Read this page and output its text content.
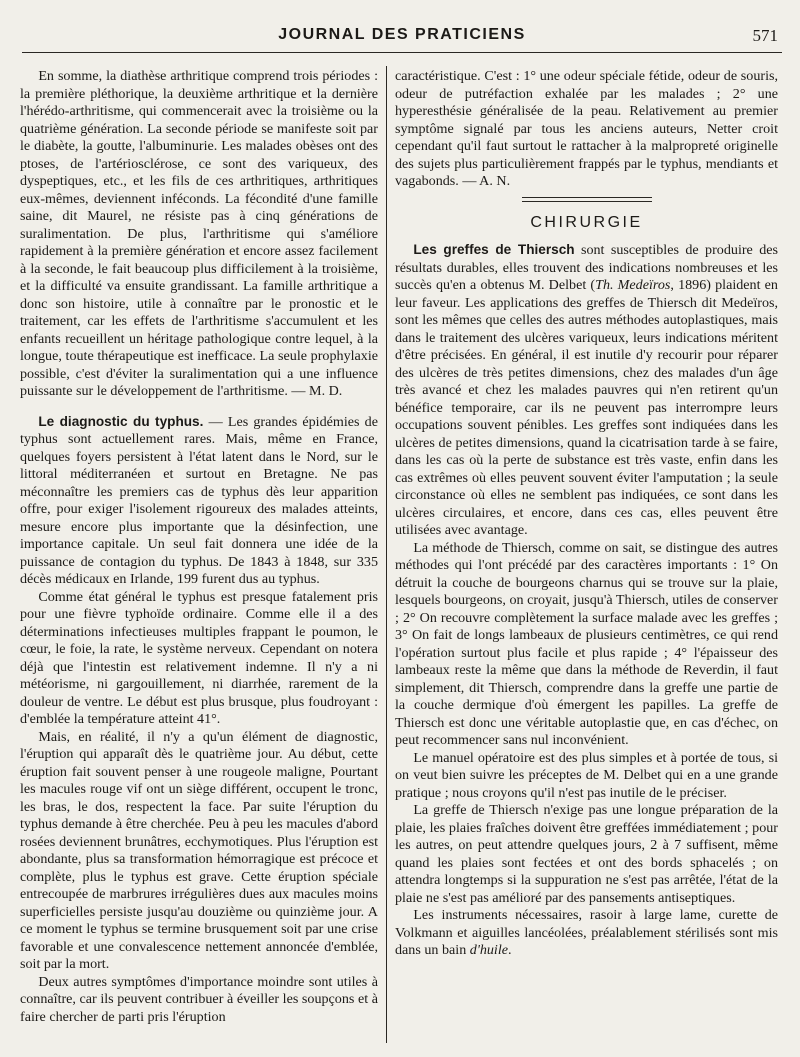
JOURNAL DES PRATICIENS	571

En somme, la diathèse arthritique comprend trois périodes : la première pléthorique, la deuxième arthritique et la dernière l'hérédo-arthritisme, qui commencerait avec la troisième ou la quatrième génération. La seconde période se manifeste soit par le diabète, la goutte, l'albuminurie. Les malades obèses ont des ptoses, de l'artériosclérose, ce sont des variqueux, des dyspeptiques, etc., et les fils de ces arthritiques, arthritiques eux-mêmes, deviennent inféconds. La fécondité d'une famille saine, dit Maurel, ne résiste pas à cinq générations de suralimentation. De plus, l'arthritisme qui s'améliore rapidement à la première génération et encore assez facilement à la seconde, le fait beaucoup plus difficilement à la troisième, et la difficulté va ensuite grandissant. La famille arthritique a donc son histoire, utile à connaître par le pronostic et le traitement, car les effets de l'arthritisme s'accumulent et les enfants recueillent un héritage pathologique contre lequel, à la longue, toute thérapeutique est inefficace. La seule prophylaxie possible, c'est d'éviter la suralimentation qui a une influence puissante sur le développement de l'arthritisme. — M. D.

Le diagnostic du typhus. — Les grandes épidémies de typhus sont actuellement rares. Mais, même en France, quelques foyers persistent à l'état latent dans le Nord, sur le littoral méditerranéen et surtout en Bretagne. Ne pas méconnaître les premiers cas de typhus dès leur apparition offre, pour exiger l'isolement rigoureux des malades atteints, mesure encore plus importante que la désinfection, une importance capitale. Un seul fait donnera une idée de la puissance de contagion du typhus. De 1843 à 1848, sur 335 décès médicaux en Irlande, 199 furent dus au typhus.

Comme état général le typhus est presque fatalement pris pour une fièvre typhoïde ordinaire. Comme elle il a des déterminations infectieuses multiples frappant le poumon, le cœur, le foie, la rate, le système nerveux. Cependant on notera déjà que l'intestin est relativement indemne. Il n'y a ni météorisme, ni gargouillement, ni diarrhée, rarement de la douleur de ventre. Le début est plus brusque, plus foudroyant : d'emblée la température atteint 41°.

Mais, en réalité, il n'y a qu'un élément de diagnostic, l'éruption qui apparaît dès le quatrième jour. Au début, cette éruption fait souvent penser à une rougeole maligne, Pourtant les macules rouge vif ont un siège différent, occupent le tronc, les bras, le dos, respectent la face. Par suite l'éruption du typhus demande à être cherchée. Peu à peu les macules d'abord rosées deviennent brunâtres, ecchymotiques. Plus l'éruption est abondante, plus sa transformation hémorragique est précoce et complète, plus le typhus est grave. Cette éruption spéciale entrecoupée de marbrures irrégulières dues aux macules moins superficielles persiste jusqu'au douzième ou quinzième jour. A ce moment le typhus se termine brusquement soit par une crise favorable et une convalescence nettement annoncée d'emblée, soit par la mort.

Deux autres symptômes d'importance moindre sont utiles à connaître, car ils peuvent contribuer à éveiller les soupçons et à faire chercher de parti pris l'éruption

caractéristique. C'est : 1° une odeur spéciale fétide, odeur de souris, odeur de putréfaction exhalée par les malades ; 2° une hyperesthésie généralisée de la peau. Relativement au premier symptôme signalé par tous les anciens auteurs, Netter croit cependant qu'il faut surtout le rattacher à la malpropreté originelle des sujets plus particulièrement frappés par le typhus, mendiants et vagabonds. — A. N.

CHIRURGIE

Les greffes de Thiersch sont susceptibles de produire des résultats durables, elles trouvent des indications nombreuses et les succès qu'en a obtenus M. Delbet (Th. Medeïros, 1896) plaident en leur faveur. Les applications des greffes de Thiersch dit Medeïros, sont les mêmes que celles des autres méthodes autoplastiques, mais dans le traitement des ulcères variqueux, leurs indications méritent d'être précisées. En général, il est inutile d'y recourir pour réparer des ulcères de très petites dimensions, chez des malades d'un âge très avancé et chez les malades pauvres qui n'en retirent qu'un bénéfice temporaire, car ils ne peuvent pas interrompre leurs occupations souvent pénibles. Les greffes sont indiquées dans les ulcères de petites dimensions, quand la cicatrisation tarde à se faire, dans les cas où la perte de substance est très vaste, enfin dans les cas extrêmes où elles peuvent souvent éviter l'amputation ; la seule circonstance où elles ne semblent pas indiquées, ce sont dans les ulcères circulaires, et encore, dans ces cas, elles peuvent être utilisées avec avantage.

La méthode de Thiersch, comme on sait, se distingue des autres méthodes qui l'ont précédé par des caractères importants : 1° On détruit la couche de bourgeons charnus qui se trouve sur la plaie, lesquels bourgeons, on croyait, jusqu'à Thiersch, utiles de conserver ; 2° On recouvre complètement la surface malade avec les greffes ; 3° On fait de longs lambeaux de plusieurs centimètres, ce qui rend l'opération surtout plus facile et plus rapide ; 4° l'épaisseur des lambeaux reste la même que dans la méthode de Reverdin, il faut simplement, dit Thiersch, comprendre dans la greffe une partie de la couche dermique d'où émergent les papilles. La greffe de Thiersch est donc une véritable autoplastie que, en cas d'échec, on peut recommencer sans nul inconvénient.

Le manuel opératoire est des plus simples et à portée de tous, si on veut bien suivre les préceptes de M. Delbet qui en a une grande pratique ; nous croyons qu'il n'est pas inutile de le préciser.

La greffe de Thiersch n'exige pas une longue préparation de la plaie, les plaies fraîches doivent être greffées immédiatement ; pour les autres, on peut attendre quelques jours, 2 à 7 suffisent, même quand les plaies sont fectées et ont des bords sphacelés ; on attendra longtemps si la suppuration ne s'est pas arrêtée, l'état de la plaie ne s'est pas amélioré par des pansements antiseptiques.

Les instruments nécessaires, rasoir à large lame, curette de Volkmann et aiguilles lancéolées, préalablement stérilisés sont mis dans un bain d'huile.
